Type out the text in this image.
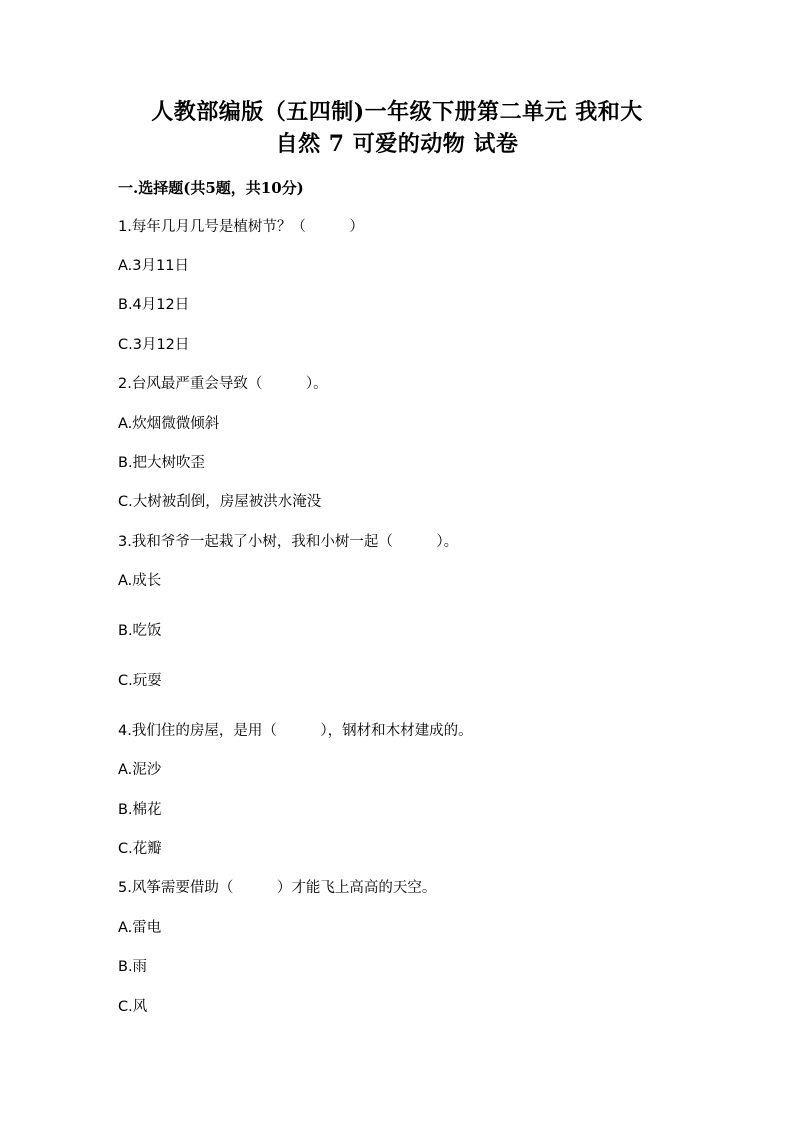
人教部编版（五四制)一年级下册第二单元 我和大
自然 7 可爱的动物 试卷
一.选择题(共5题，共10分)
1.每年几月几号是植树节？（　　　）
A.3月11日
B.4月12日
C.3月12日
2.台风最严重会导致（　　　）。
A.炊烟微微倾斜
B.把大树吹歪
C.大树被刮倒，房屋被洪水淹没
3.我和爷爷一起栽了小树，我和小树一起（　　　）。
A.成长
B.吃饭
C.玩耍
4.我们住的房屋，是用（　　　），钢材和木材建成的。
A.泥沙
B.棉花
C.花瓣
5.风筝需要借助（　　　）才能飞上高高的天空。
A.雷电
B.雨
C.风
